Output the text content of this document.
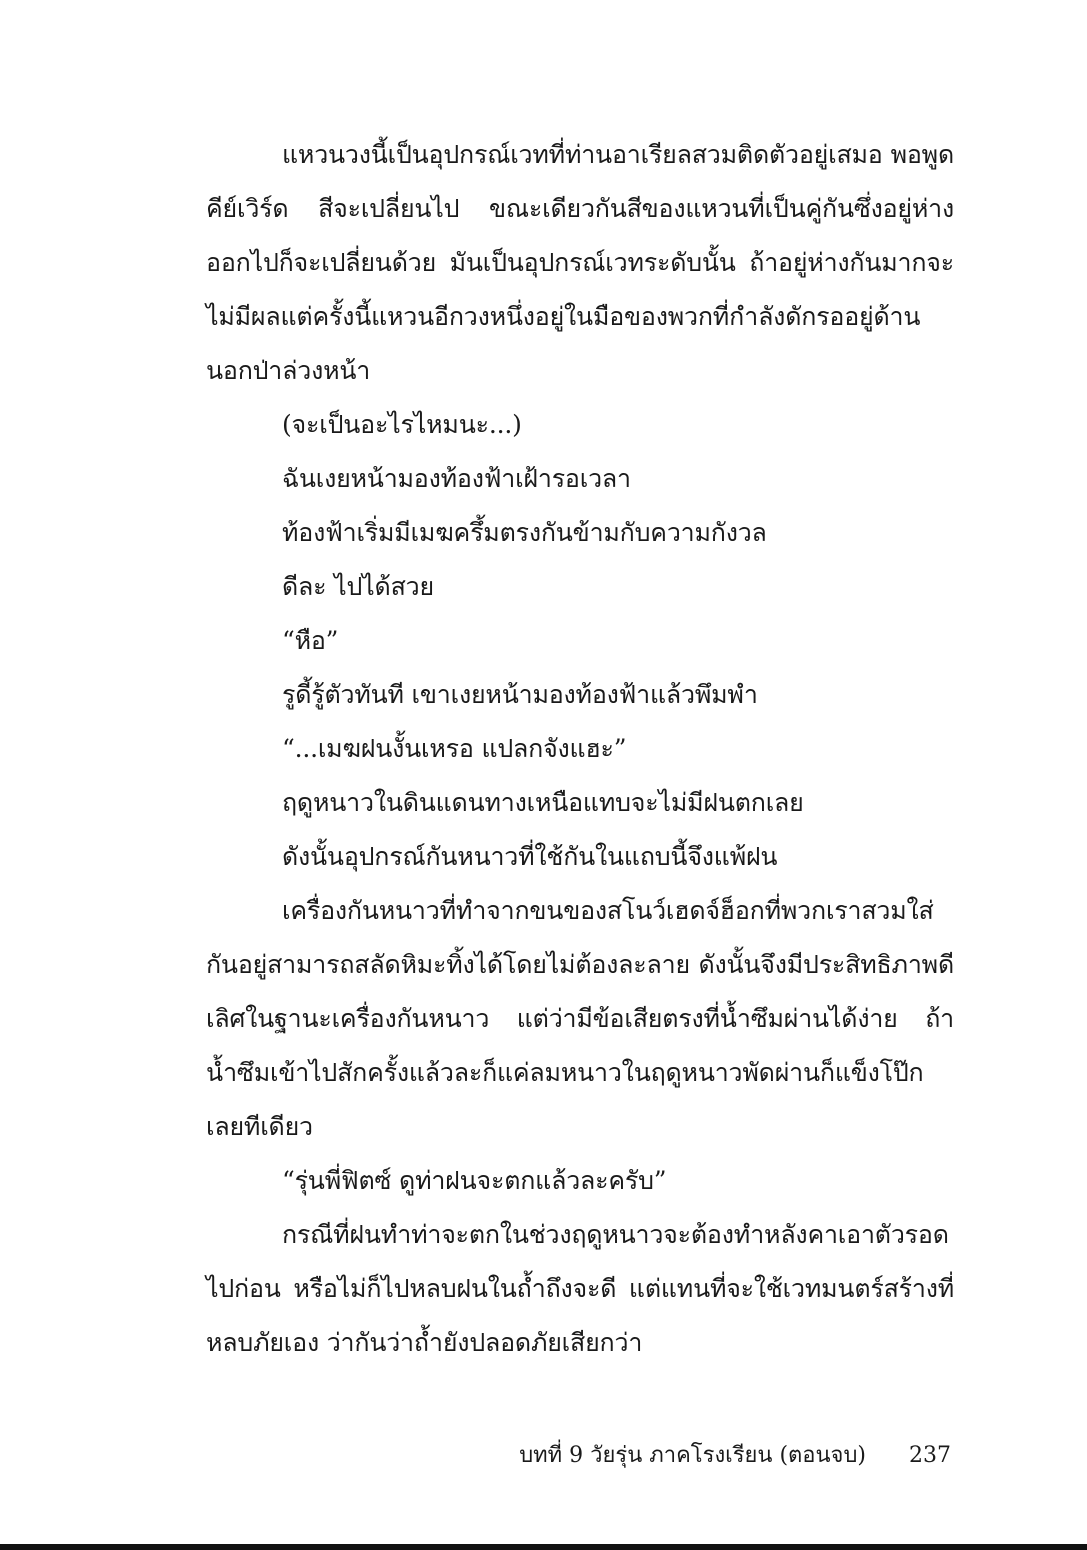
แหวนวงนี้เป็นอุปกรณ์เวทที่ท่านอาเรียลสวมติดตัวอยู่เสมอ พอพูดคีย์เวิร์ด สีจะเปลี่ยนไป ขณะเดียวกันสีของแหวนที่เป็นคู่กันซึ่งอยู่ห่างออกไปก็จะเปลี่ยนด้วย มันเป็นอุปกรณ์เวทระดับนั้น ถ้าอยู่ห่างกันมากจะไม่มีผลแต่ครั้งนี้แหวนอีกวงหนึ่งอยู่ในมือของพวกที่กำลังดักรออยู่ด้านนอกป่าล่วงหน้า

(จะเป็นอะไรไหมนะ...)

ฉันเงยหน้ามองท้องฟ้าเฝ้ารอเวลา

ท้องฟ้าเริ่มมีเมฆครึ้มตรงกันข้ามกับความกังวล

ดีละ ไปได้สวย

“หือ”

รูดี้รู้ตัวทันที เขาเงยหน้ามองท้องฟ้าแล้วพึมพำ

“...เมฆฝนงั้นเหรอ แปลกจังแฮะ”

ฤดูหนาวในดินแดนทางเหนือแทบจะไม่มีฝนตกเลย

ดังนั้นอุปกรณ์กันหนาวที่ใช้กันในแถบนี้จึงแพ้ฝน

เครื่องกันหนาวที่ทำจากขนของสโนว์เฮดจ์ฮ็อกที่พวกเราสวมใส่กันอยู่สามารถสลัดหิมะทิ้งได้โดยไม่ต้องละลาย ดังนั้นจึงมีประสิทธิภาพดีเลิศในฐานะเครื่องกันหนาว แต่ว่ามีข้อเสียตรงที่น้ำซึมผ่านได้ง่าย ถ้าน้ำซึมเข้าไปสักครั้งแล้วละก็แค่ลมหนาวในฤดูหนาวพัดผ่านก็แข็งโป๊กเลยทีเดียว

“รุ่นพี่ฟิตซ์ ดูท่าฝนจะตกแล้วละครับ”

กรณีที่ฝนทำท่าจะตกในช่วงฤดูหนาวจะต้องทำหลังคาเอาตัวรอดไปก่อน หรือไม่ก็ไปหลบฝนในถ้ำถึงจะดี แต่แทนที่จะใช้เวทมนตร์สร้างที่หลบภัยเอง ว่ากันว่าถ้ำยังปลอดภัยเสียกว่า

บทที่ 9 วัยรุ่น ภาคโรงเรียน (ตอนจบ) 237
